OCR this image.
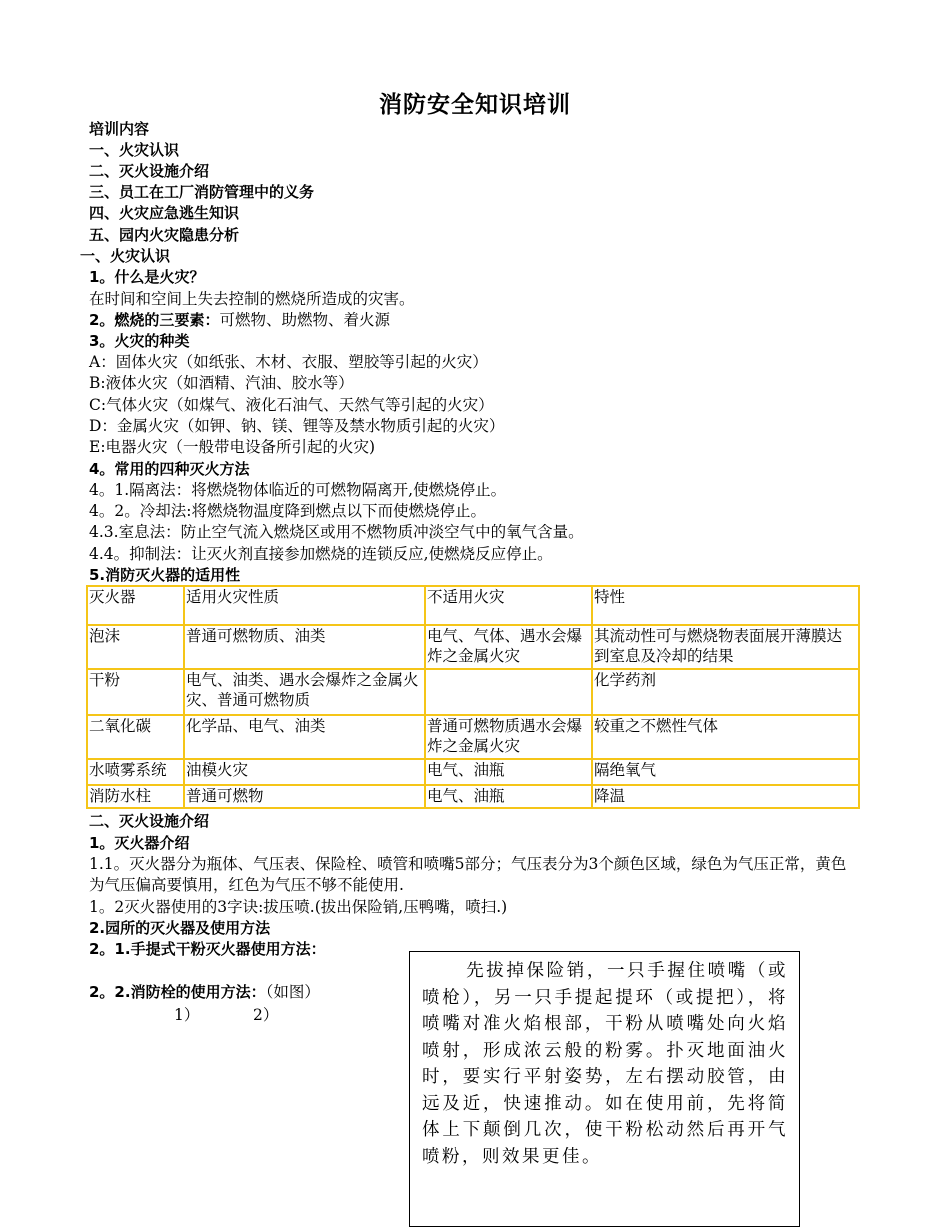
消防安全知识培训
培训内容
一、火灾认识
二、灭火设施介绍
三、员工在工厂消防管理中的义务
四、火灾应急逃生知识
五、园内火灾隐患分析
一、火灾认识
1。什么是火灾？
在时间和空间上失去控制的燃烧所造成的灾害。
2。燃烧的三要素：可燃物、助燃物、着火源
3。火灾的种类
A：固体火灾（如纸张、木材、衣服、塑胶等引起的火灾）
B:液体火灾（如酒精、汽油、胶水等）
C:气体火灾（如煤气、液化石油气、天然气等引起的火灾）
D：金属火灾（如钾、钠、镁、锂等及禁水物质引起的火灾）
E:电器火灾（一般带电设备所引起的火灾)
4。常用的四种灭火方法
4。1.隔离法：将燃烧物体临近的可燃物隔离开,使燃烧停止。
4。2。冷却法:将燃烧物温度降到燃点以下而使燃烧停止。
4.3.室息法：防止空气流入燃烧区或用不燃物质冲淡空气中的氧气含量。
4.4。抑制法：让灭火剂直接参加燃烧的连锁反应,使燃烧反应停止。
5.消防灭火器的适用性
灭火器	适用火灾性质	不适用火灾	特性
泡沫	普通可燃物质、油类	电气、气体、遇水会爆炸之金属火灾	其流动性可与燃烧物表面展开薄膜达到室息及冷却的结果
干粉	电气、油类、遇水会爆炸之金属火灾、普通可燃物质		化学药剂
二氧化碳	化学品、电气、油类	普通可燃物质遇水会爆炸之金属火灾	较重之不燃性气体
水喷雾系统	油模火灾	电气、油瓶	隔绝氧气
消防水柱	普通可燃物	电气、油瓶	降温
二、灭火设施介绍
1。灭火器介绍
1.1。灭火器分为瓶体、气压表、保险栓、喷管和喷嘴5部分；气压表分为3个颜色区域，绿色为气压正常，黄色为气压偏高要慎用，红色为气压不够不能使用.
1。2灭火器使用的3字诀:拔压喷.(拔出保险销,压鸭嘴，喷扫.)
2.园所的灭火器及使用方法
2。1.手提式干粉灭火器使用方法：
2。2.消防栓的使用方法：（如图）
1）	2）
先拔掉保险销，一只手握住喷嘴（或喷枪），另一只手提起提环（或提把），将喷嘴对准火焰根部，干粉从喷嘴处向火焰喷射，形成浓云般的粉雾。扑灭地面油火时，要实行平射姿势，左右摆动胶管，由远及近，快速推动。如在使用前，先将简体上下颠倒几次，使干粉松动然后再开气喷粉，则效果更佳。
